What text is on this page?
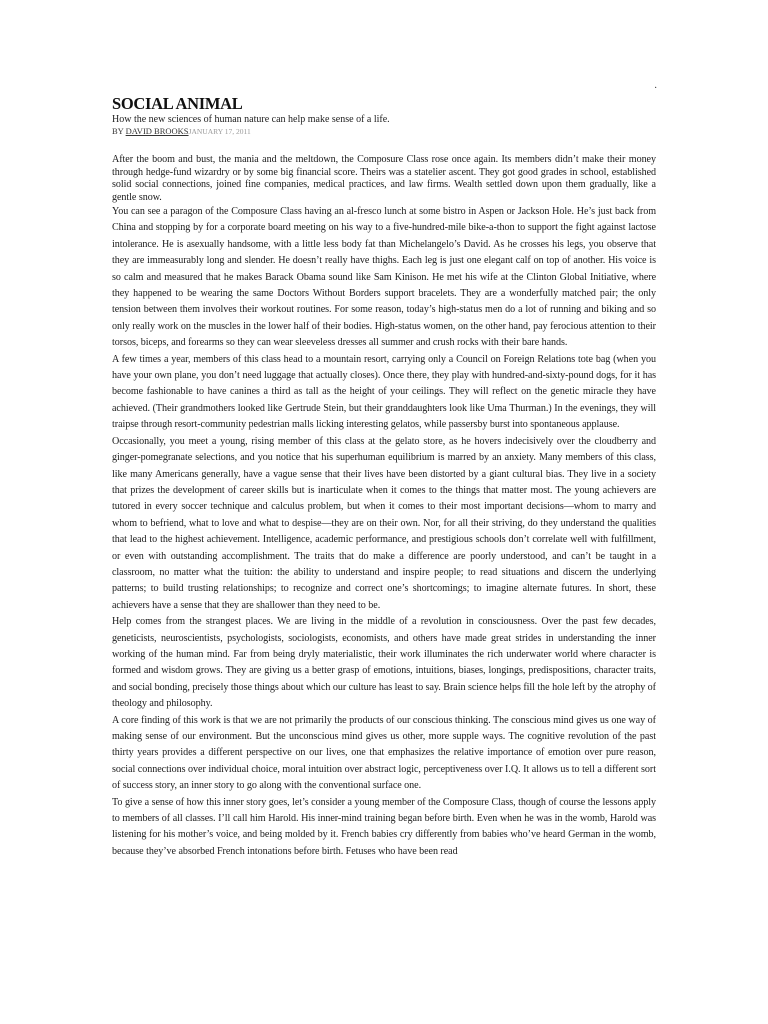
·
SOCIAL ANIMAL

How the new sciences of human nature can help make sense of a life.

BY DAVID BROOKSJANUARY 17, 2011

After the boom and bust, the mania and the meltdown, the Composure Class rose once again. Its members didn’t make their money through hedge-fund wizardry or by some big financial score. Theirs was a statelier ascent. They got good grades in school, established solid social connections, joined fine companies, medical practices, and law firms. Wealth settled down upon them gradually, like a gentle snow.

You can see a paragon of the Composure Class having an al-fresco lunch at some bistro in Aspen or Jackson Hole. He’s just back from China and stopping by for a corporate board meeting on his way to a five-hundred-mile bike-a-thon to support the fight against lactose intolerance. He is asexually handsome, with a little less body fat than Michelangelo’s David. As he crosses his legs, you observe that they are immeasurably long and slender. He doesn’t really have thighs. Each leg is just one elegant calf on top of another. His voice is so calm and measured that he makes Barack Obama sound like Sam Kinison. He met his wife at the Clinton Global Initiative, where they happened to be wearing the same Doctors Without Borders support bracelets. They are a wonderfully matched pair; the only tension between them involves their workout routines. For some reason, today’s high-status men do a lot of running and biking and so only really work on the muscles in the lower half of their bodies. High-status women, on the other hand, pay ferocious attention to their torsos, biceps, and forearms so they can wear sleeveless dresses all summer and crush rocks with their bare hands.

A few times a year, members of this class head to a mountain resort, carrying only a Council on Foreign Relations tote bag (when you have your own plane, you don’t need luggage that actually closes). Once there, they play with hundred-and-sixty-pound dogs, for it has become fashionable to have canines a third as tall as the height of your ceilings. They will reflect on the genetic miracle they have achieved. (Their grandmothers looked like Gertrude Stein, but their granddaughters look like Uma Thurman.) In the evenings, they will traipse through resort-community pedestrian malls licking interesting gelatos, while passersby burst into spontaneous applause.

Occasionally, you meet a young, rising member of this class at the gelato store, as he hovers indecisively over the cloudberry and ginger-pomegranate selections, and you notice that his superhuman equilibrium is marred by an anxiety. Many members of this class, like many Americans generally, have a vague sense that their lives have been distorted by a giant cultural bias. They live in a society that prizes the development of career skills but is inarticulate when it comes to the things that matter most. The young achievers are tutored in every soccer technique and calculus problem, but when it comes to their most important decisions—whom to marry and whom to befriend, what to love and what to despise—they are on their own. Nor, for all their striving, do they understand the qualities that lead to the highest achievement. Intelligence, academic performance, and prestigious schools don’t correlate well with fulfillment, or even with outstanding accomplishment. The traits that do make a difference are poorly understood, and can’t be taught in a classroom, no matter what the tuition: the ability to understand and inspire people; to read situations and discern the underlying patterns; to build trusting relationships; to recognize and correct one’s shortcomings; to imagine alternate futures. In short, these achievers have a sense that they are shallower than they need to be.

Help comes from the strangest places. We are living in the middle of a revolution in consciousness. Over the past few decades, geneticists, neuroscientists, psychologists, sociologists, economists, and others have made great strides in understanding the inner working of the human mind. Far from being dryly materialistic, their work illuminates the rich underwater world where character is formed and wisdom grows. They are giving us a better grasp of emotions, intuitions, biases, longings, predispositions, character traits, and social bonding, precisely those things about which our culture has least to say. Brain science helps fill the hole left by the atrophy of theology and philosophy.

A core finding of this work is that we are not primarily the products of our conscious thinking. The conscious mind gives us one way of making sense of our environment. But the unconscious mind gives us other, more supple ways. The cognitive revolution of the past thirty years provides a different perspective on our lives, one that emphasizes the relative importance of emotion over pure reason, social connections over individual choice, moral intuition over abstract logic, perceptiveness over I.Q. It allows us to tell a different sort of success story, an inner story to go along with the conventional surface one.

To give a sense of how this inner story goes, let’s consider a young member of the Composure Class, though of course the lessons apply to members of all classes. I’ll call him Harold. His inner-mind training began before birth. Even when he was in the womb, Harold was listening for his mother’s voice, and being molded by it. French babies cry differently from babies who’ve heard German in the womb, because they’ve absorbed French intonations before birth. Fetuses who have been read
